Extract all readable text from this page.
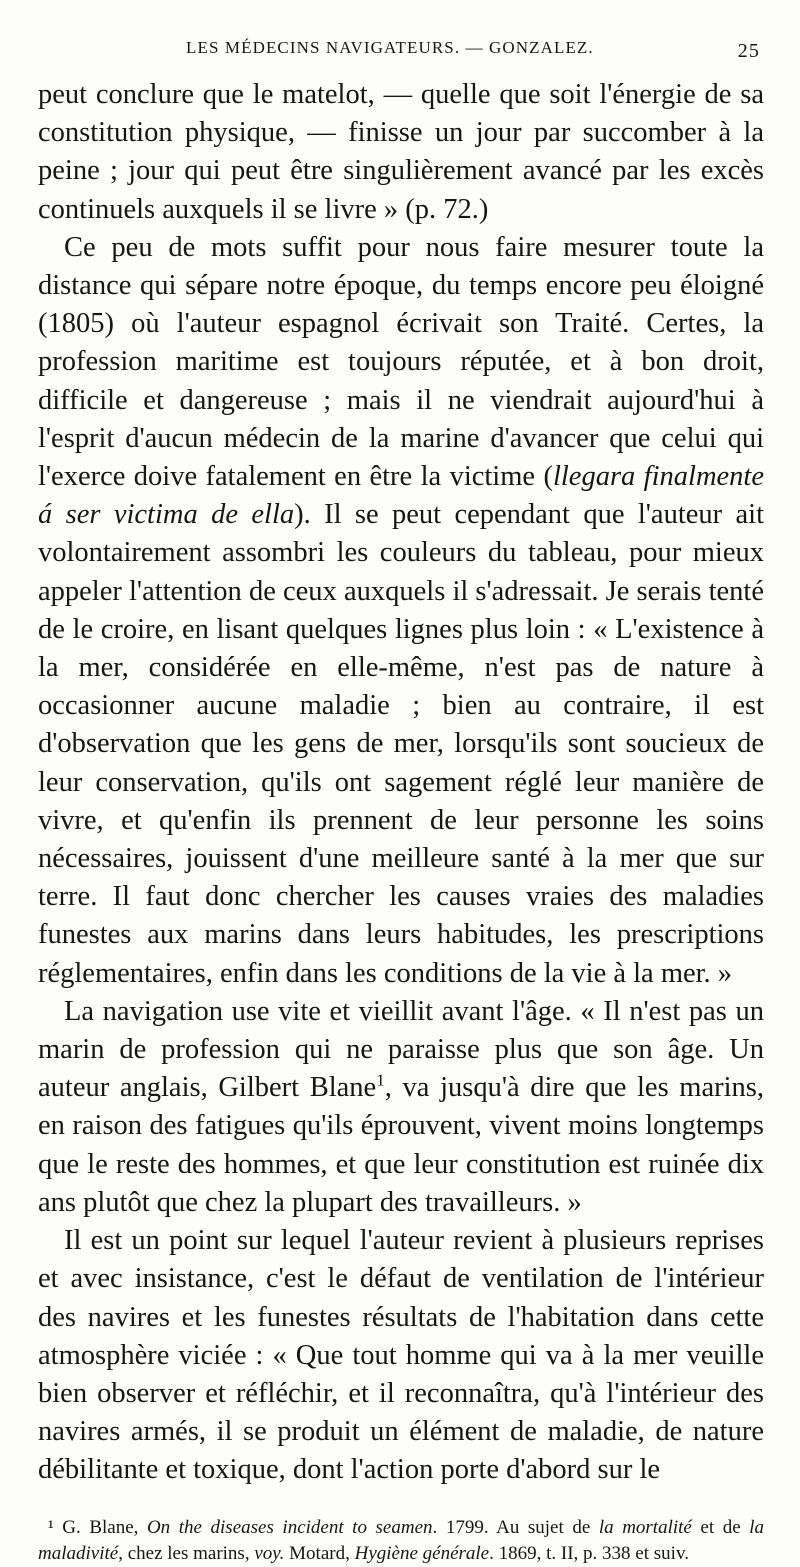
LES MÉDECINS NAVIGATEURS. — GONZALEZ.	25

peut conclure que le matelot, — quelle que soit l'énergie de sa constitution physique, — finisse un jour par succomber à la peine ; jour qui peut être singulièrement avancé par les excès continuels auxquels il se livre » (p. 72.)

Ce peu de mots suffit pour nous faire mesurer toute la distance qui sépare notre époque, du temps encore peu éloigné (1805) où l'auteur espagnol écrivait son Traité. Certes, la profession maritime est toujours réputée, et à bon droit, difficile et dangereuse ; mais il ne viendrait aujourd'hui à l'esprit d'aucun médecin de la marine d'avancer que celui qui l'exerce doive fatalement en être la victime (llegara finalmente á ser victima de ella). Il se peut cependant que l'auteur ait volontairement assombri les couleurs du tableau, pour mieux appeler l'attention de ceux auxquels il s'adressait. Je serais tenté de le croire, en lisant quelques lignes plus loin : « L'existence à la mer, considérée en elle-même, n'est pas de nature à occasionner aucune maladie ; bien au contraire, il est d'observation que les gens de mer, lorsqu'ils sont soucieux de leur conservation, qu'ils ont sagement réglé leur manière de vivre, et qu'enfin ils prennent de leur personne les soins nécessaires, jouissent d'une meilleure santé à la mer que sur terre. Il faut donc chercher les causes vraies des maladies funestes aux marins dans leurs habitudes, les prescriptions réglementaires, enfin dans les conditions de la vie à la mer. »

La navigation use vite et vieillit avant l'âge. « Il n'est pas un marin de profession qui ne paraisse plus que son âge. Un auteur anglais, Gilbert Blane$^1$, va jusqu'à dire que les marins, en raison des fatigues qu'ils éprouvent, vivent moins longtemps que le reste des hommes, et que leur constitution est ruinée dix ans plutôt que chez la plupart des travailleurs. »

Il est un point sur lequel l'auteur revient à plusieurs reprises et avec insistance, c'est le défaut de ventilation de l'intérieur des navires et les funestes résultats de l'habitation dans cette atmosphère viciée : « Que tout homme qui va à la mer veuille bien observer et réfléchir, et il reconnaîtra, qu'à l'intérieur des navires armés, il se produit un élément de maladie, de nature débilitante et toxique, dont l'action porte d'abord sur le

¹ G. Blane, On the diseases incident to seamen. 1799. Au sujet de la mortalité et de la maladivité, chez les marins, voy. Motard, Hygiène générale. 1869, t. II, p. 338 et suiv.
